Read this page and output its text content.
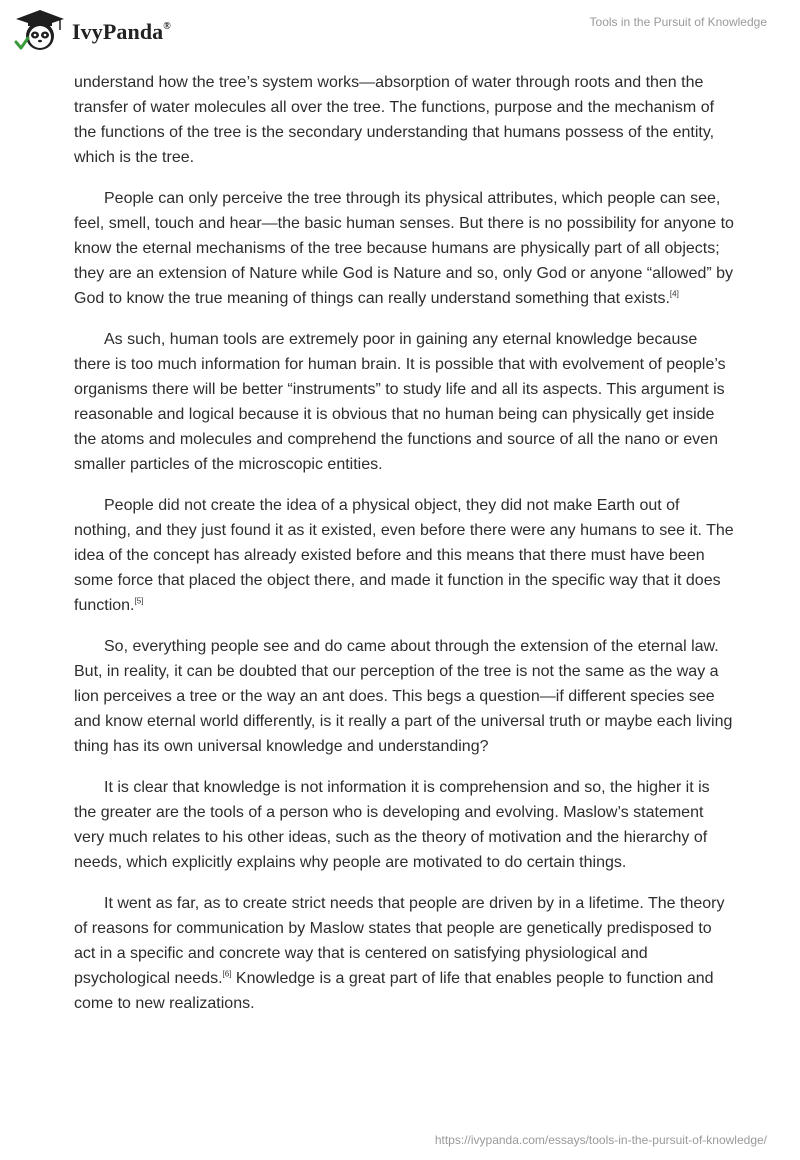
IvyPanda®	Tools in the Pursuit of Knowledge

understand how the tree’s system works—absorption of water through roots and then the transfer of water molecules all over the tree. The functions, purpose and the mechanism of the functions of the tree is the secondary understanding that humans possess of the entity, which is the tree.

People can only perceive the tree through its physical attributes, which people can see, feel, smell, touch and hear—the basic human senses. But there is no possibility for anyone to know the eternal mechanisms of the tree because humans are physically part of all objects; they are an extension of Nature while God is Nature and so, only God or anyone “allowed” by God to know the true meaning of things can really understand something that exists.[4]

As such, human tools are extremely poor in gaining any eternal knowledge because there is too much information for human brain. It is possible that with evolvement of people’s organisms there will be better “instruments” to study life and all its aspects. This argument is reasonable and logical because it is obvious that no human being can physically get inside the atoms and molecules and comprehend the functions and source of all the nano or even smaller particles of the microscopic entities.

People did not create the idea of a physical object, they did not make Earth out of nothing, and they just found it as it existed, even before there were any humans to see it. The idea of the concept has already existed before and this means that there must have been some force that placed the object there, and made it function in the specific way that it does function.[5]

So, everything people see and do came about through the extension of the eternal law. But, in reality, it can be doubted that our perception of the tree is not the same as the way a lion perceives a tree or the way an ant does. This begs a question—if different species see and know eternal world differently, is it really a part of the universal truth or maybe each living thing has its own universal knowledge and understanding?

It is clear that knowledge is not information it is comprehension and so, the higher it is the greater are the tools of a person who is developing and evolving. Maslow’s statement very much relates to his other ideas, such as the theory of motivation and the hierarchy of needs, which explicitly explains why people are motivated to do certain things.

It went as far, as to create strict needs that people are driven by in a lifetime. The theory of reasons for communication by Maslow states that people are genetically predisposed to act in a specific and concrete way that is centered on satisfying physiological and psychological needs.[6] Knowledge is a great part of life that enables people to function and come to new realizations.

https://ivypanda.com/essays/tools-in-the-pursuit-of-knowledge/
